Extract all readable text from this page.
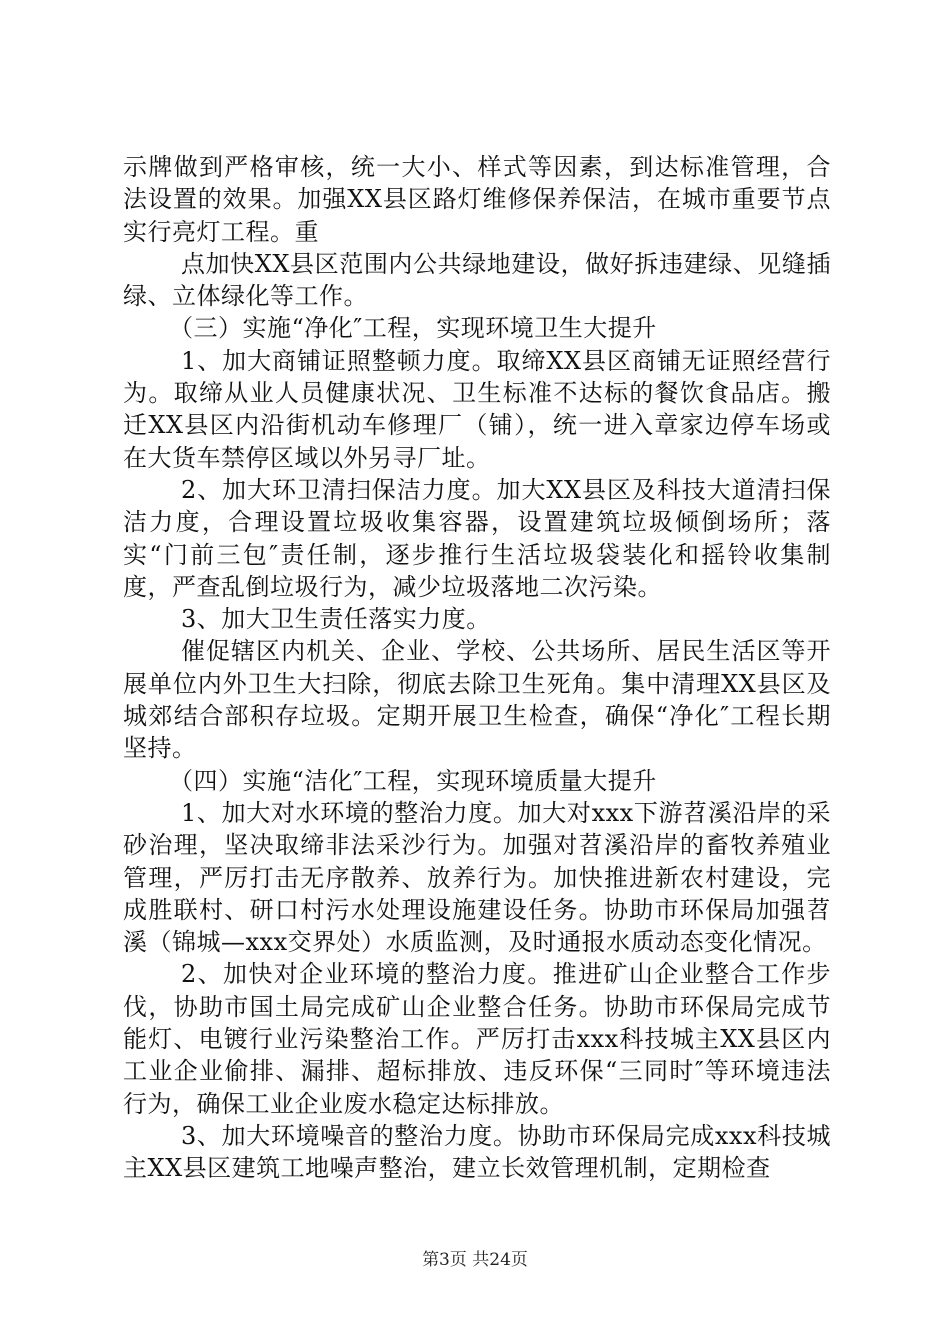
示牌做到严格审核，统一大小、样式等因素，到达标准管理，合法设置的效果。加强XX县区路灯维修保养保洁，在城市重要节点实行亮灯工程。重

点加快XX县区范围内公共绿地建设，做好拆违建绿、见缝插绿、立体绿化等工作。

（三）实施“净化″工程，实现环境卫生大提升

1、加大商铺证照整顿力度。取缔XX县区商铺无证照经营行为。取缔从业人员健康状况、卫生标准不达标的餐饮食品店。搬迁XX县区内沿街机动车修理厂（铺），统一进入章家边停车场或在大货车禁停区域以外另寻厂址。

2、加大环卫清扫保洁力度。加大XX县区及科技大道清扫保洁力度，合理设置垃圾收集容器，设置建筑垃圾倾倒场所；落实“门前三包″责任制，逐步推行生活垃圾袋装化和摇铃收集制度，严查乱倒垃圾行为，减少垃圾落地二次污染。

3、加大卫生责任落实力度。

催促辖区内机关、企业、学校、公共场所、居民生活区等开展单位内外卫生大扫除，彻底去除卫生死角。集中清理XX县区及城郊结合部积存垃圾。定期开展卫生检查，确保“净化″工程长期坚持。

（四）实施“洁化″工程，实现环境质量大提升

1、加大对水环境的整治力度。加大对xxx下游苕溪沿岸的采砂治理，坚决取缔非法采沙行为。加强对苕溪沿岸的畜牧养殖业管理，严厉打击无序散养、放养行为。加快推进新农村建设，完成胜联村、研口村污水处理设施建设任务。协助市环保局加强苕溪（锦城—xxx交界处）水质监测，及时通报水质动态变化情况。

2、加快对企业环境的整治力度。推进矿山企业整合工作步伐，协助市国土局完成矿山企业整合任务。协助市环保局完成节能灯、电镀行业污染整治工作。严厉打击xxx科技城主XX县区内工业企业偷排、漏排、超标排放、违反环保“三同时″等环境违法行为，确保工业企业废水稳定达标排放。

3、加大环境噪音的整治力度。协助市环保局完成xxx科技城主XX县区建筑工地噪声整治，建立长效管理机制，定期检查

第3页 共24页
